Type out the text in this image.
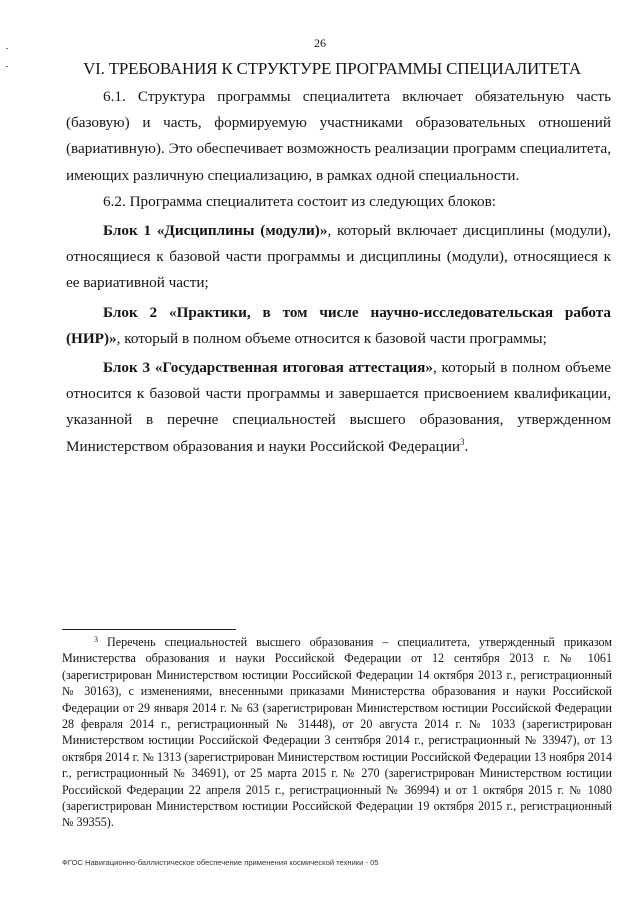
26
VI. ТРЕБОВАНИЯ К СТРУКТУРЕ ПРОГРАММЫ СПЕЦИАЛИТЕТА

6.1. Структура программы специалитета включает обязательную часть (базовую) и часть, формируемую участниками образовательных отношений (вариативную). Это обеспечивает возможность реализации программ специалитета, имеющих различную специализацию, в рамках одной специальности.

6.2. Программа специалитета состоит из следующих блоков:

Блок 1 «Дисциплины (модули)», который включает дисциплины (модули), относящиеся к базовой части программы и дисциплины (модули), относящиеся к ее вариативной части;

Блок 2 «Практики, в том числе научно-исследовательская работа (НИР)», который в полном объеме относится к базовой части программы;

Блок 3 «Государственная итоговая аттестация», который в полном объеме относится к базовой части программы и завершается присвоением квалификации, указанной в перечне специальностей высшего образования, утвержденном Министерством образования и науки Российской Федерации$^3$.

$^3$ Перечень специальностей высшего образования – специалитета, утвержденный приказом Министерства образования и науки Российской Федерации от 12 сентября 2013 г. № 1061 (зарегистрирован Министерством юстиции Российской Федерации 14 октября 2013 г., регистрационный № 30163), с изменениями, внесенными приказами Министерства образования и науки Российской Федерации от 29 января 2014 г. № 63 (зарегистрирован Министерством юстиции Российской Федерации 28 февраля 2014 г., регистрационный № 31448), от 20 августа 2014 г. № 1033 (зарегистрирован Министерством юстиции Российской Федерации 3 сентября 2014 г., регистрационный № 33947), от 13 октября 2014 г. № 1313 (зарегистрирован Министерством юстиции Российской Федерации 13 ноября 2014 г., регистрационный № 34691), от 25 марта 2015 г. № 270 (зарегистрирован Министерством юстиции Российской Федерации 22 апреля 2015 г., регистрационный № 36994) и от 1 октября 2015 г. № 1080 (зарегистрирован Министерством юстиции Российской Федерации 19 октября 2015 г., регистрационный № 39355).

ФГОС Навигационно-баллистическое обеспечение применения космической техники - 05
